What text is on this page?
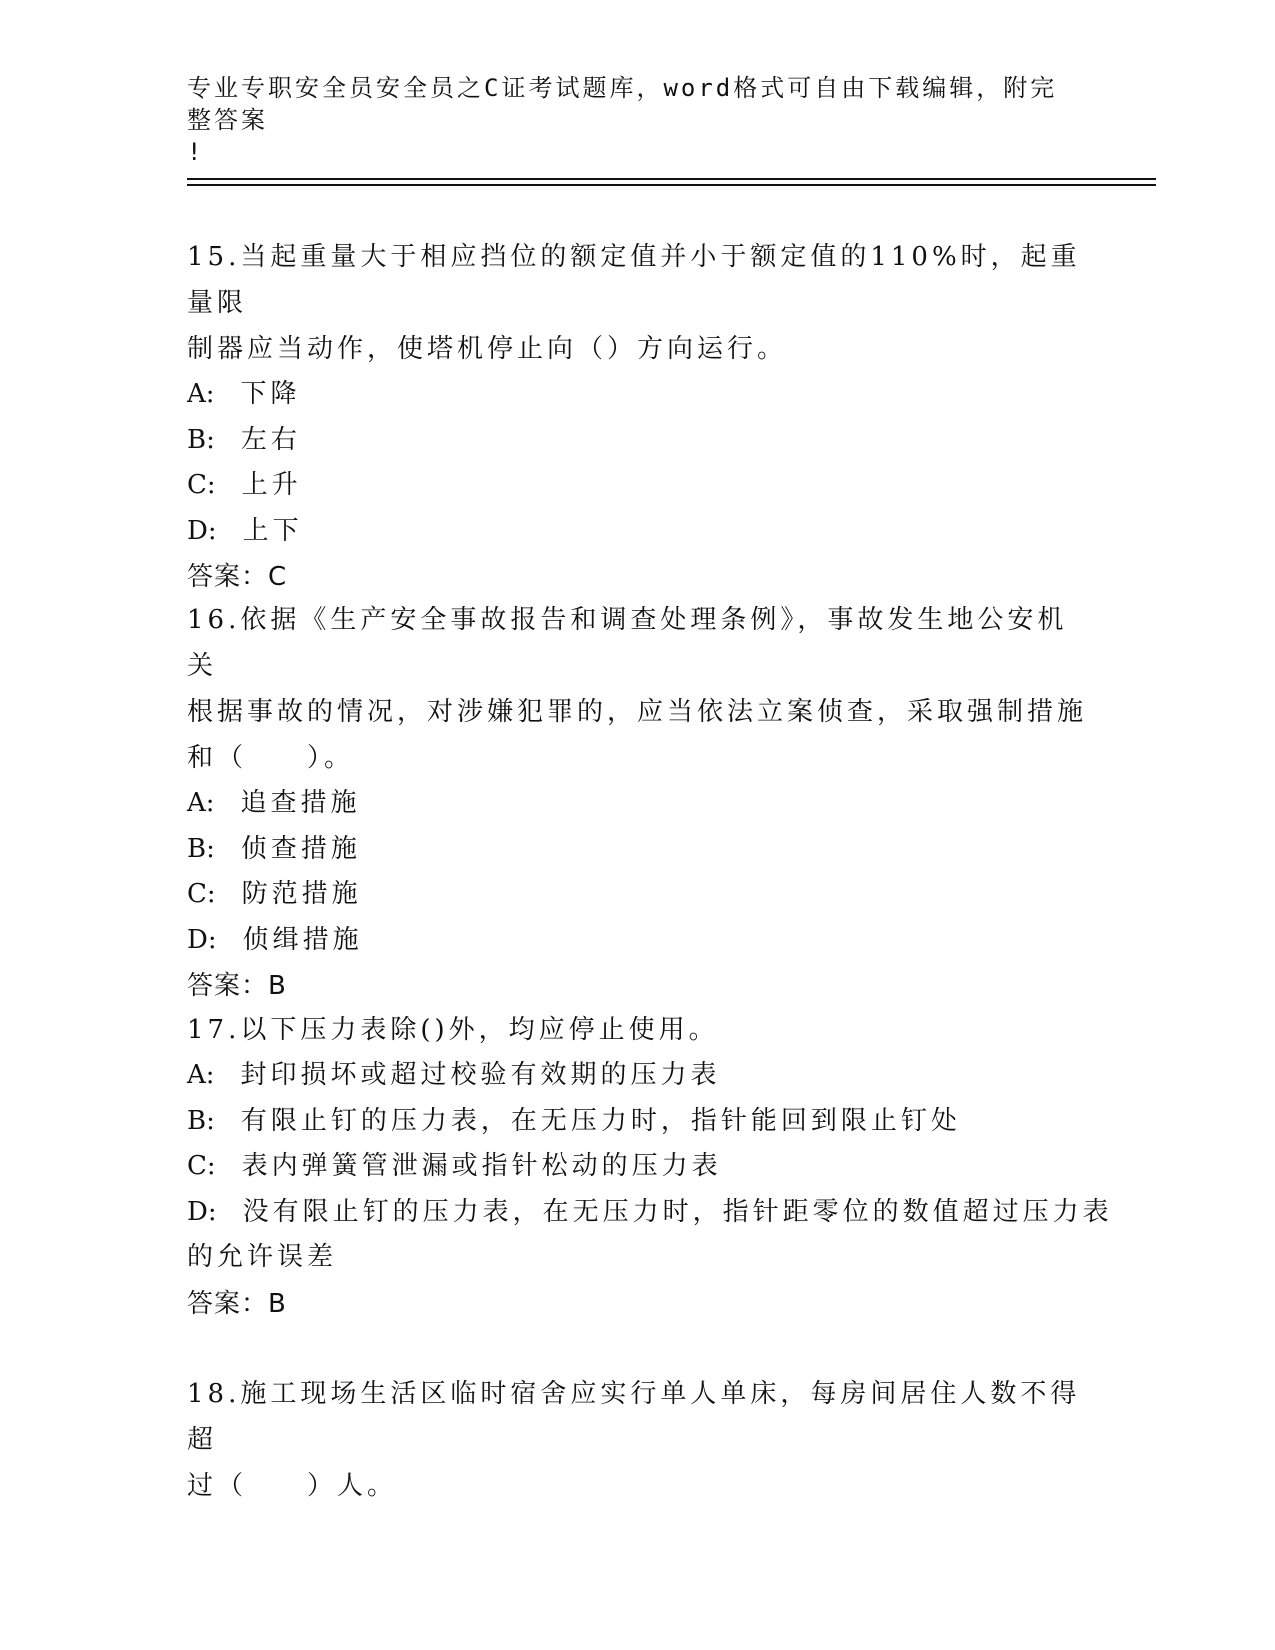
专业专职安全员安全员之C证考试题库，word格式可自由下载编辑，附完整答案
!

15.当起重量大于相应挡位的额定值并小于额定值的110%时，起重量限

制器应当动作，使塔机停止向（）方向运行。

A: 下降

B: 左右

C: 上升

D: 上下

答案：C

16.依据《生产安全事故报告和调查处理条例》，事故发生地公安机关

根据事故的情况，对涉嫌犯罪的，应当依法立案侦查，采取强制措施

和（　　）。

A: 追查措施

B: 侦查措施

C: 防范措施

D: 侦缉措施

答案：B

17.以下压力表除()外，均应停止使用。

A: 封印损坏或超过校验有效期的压力表

B: 有限止钉的压力表，在无压力时，指针能回到限止钉处

C: 表内弹簧管泄漏或指针松动的压力表

D: 没有限止钉的压力表，在无压力时，指针距零位的数值超过压力表

的允许误差

答案：B

18.施工现场生活区临时宿舍应实行单人单床，每房间居住人数不得超

过（　　）人。
